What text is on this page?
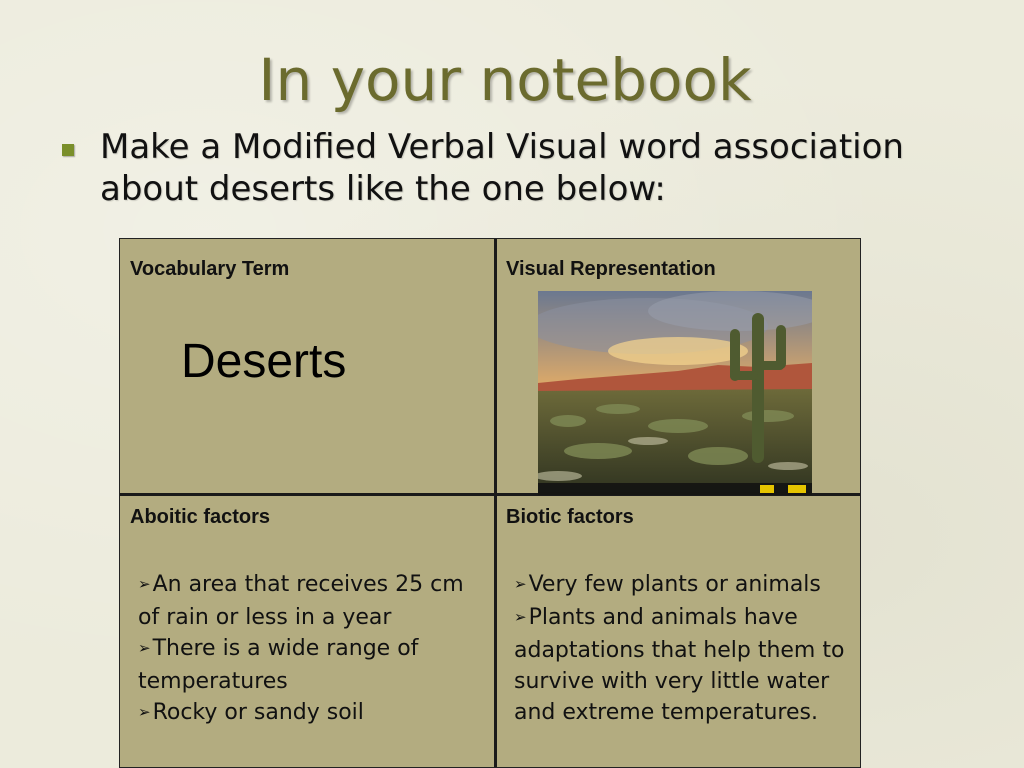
In your notebook
Make a Modified Verbal Visual word association about deserts like the one below:
Vocabulary Term
Deserts
Visual Representation
Aboitic factors
➢ An area that receives 25 cm of rain or less in a year
➢ There is a wide range of temperatures
➢ Rocky or sandy soil
Biotic factors
➢ Very few plants or animals
➢ Plants and animals have adaptations that help them to survive with very little water and extreme temperatures.
